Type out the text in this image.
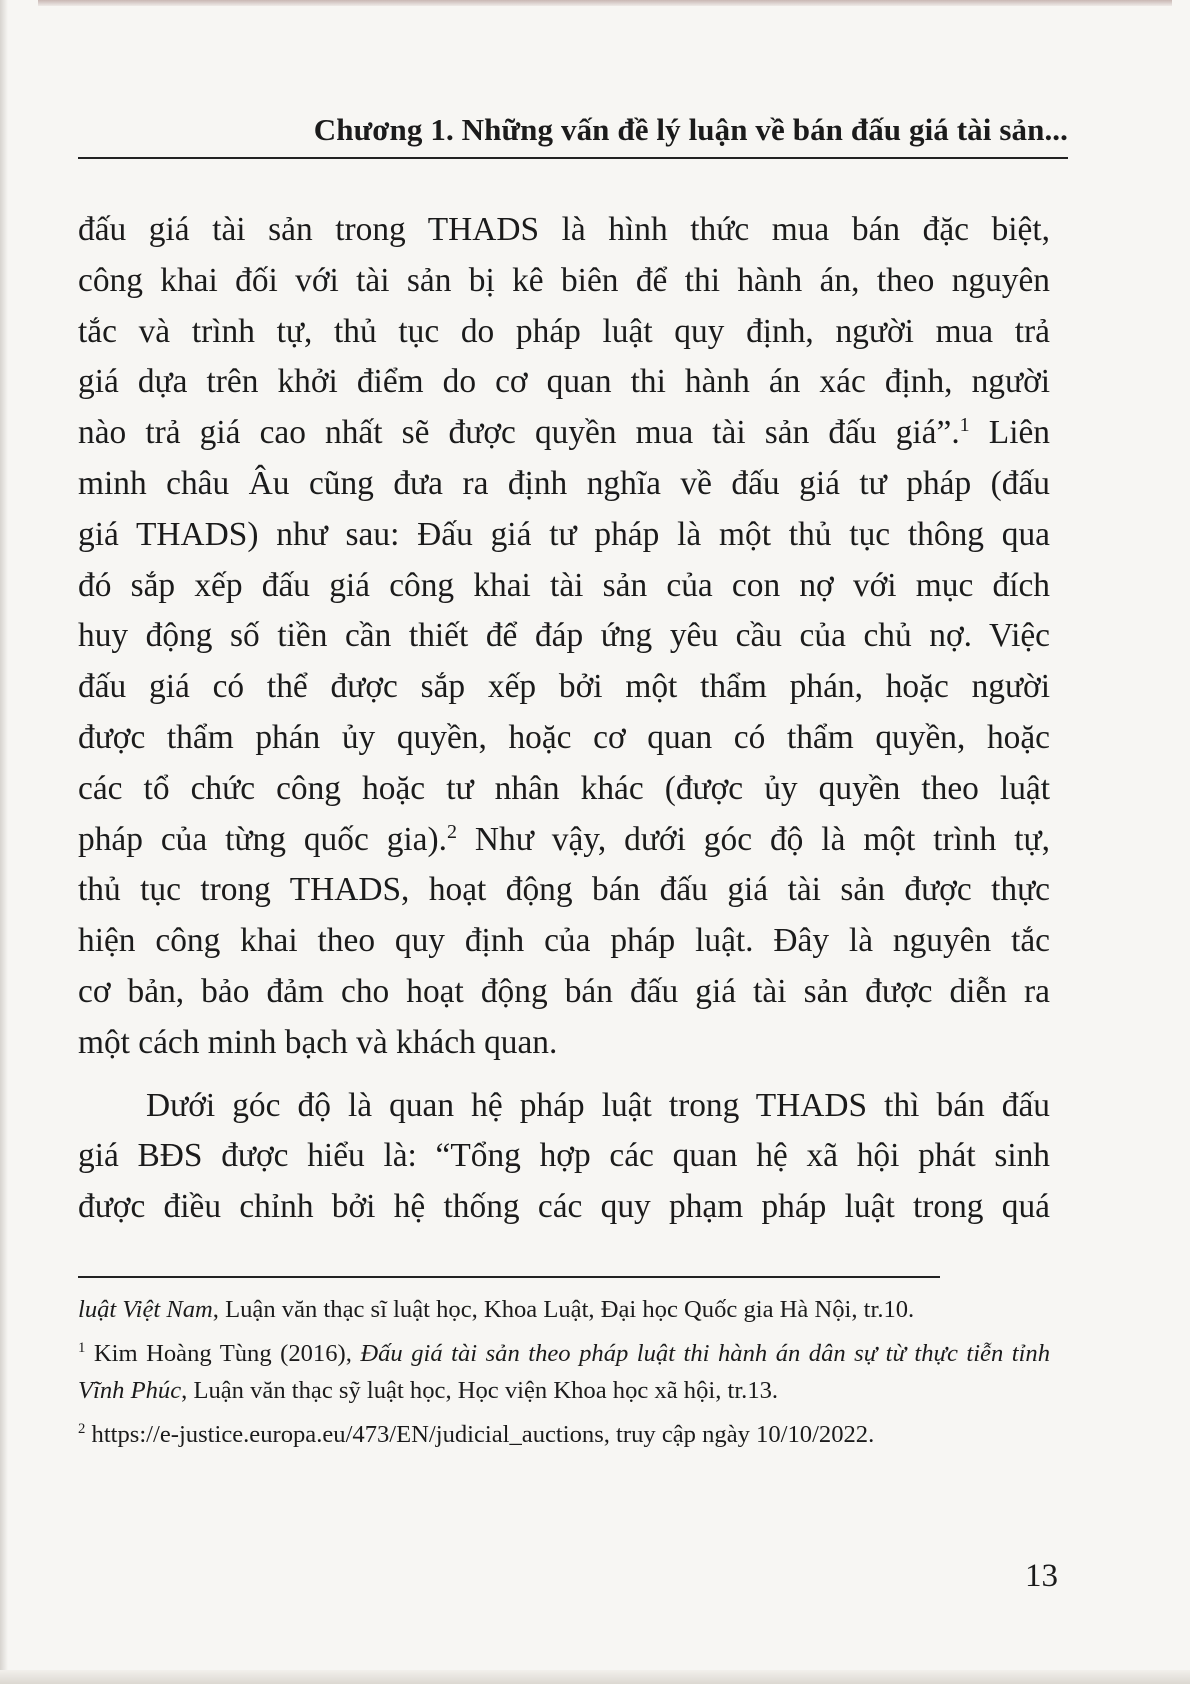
Chương 1. Những vấn đề lý luận về bán đấu giá tài sản...

đấu giá tài sản trong THADS là hình thức mua bán đặc biệt,

công khai đối với tài sản bị kê biên để thi hành án, theo nguyên

tắc và trình tự, thủ tục do pháp luật quy định, người mua trả

giá dựa trên khởi điểm do cơ quan thi hành án xác định, người

nào trả giá cao nhất sẽ được quyền mua tài sản đấu giá”.$^1$ Liên

minh châu Âu cũng đưa ra định nghĩa về đấu giá tư pháp (đấu

giá THADS) như sau: Đấu giá tư pháp là một thủ tục thông qua

đó sắp xếp đấu giá công khai tài sản của con nợ với mục đích

huy động số tiền cần thiết để đáp ứng yêu cầu của chủ nợ. Việc

đấu giá có thể được sắp xếp bởi một thẩm phán, hoặc người

được thẩm phán ủy quyền, hoặc cơ quan có thẩm quyền, hoặc

các tổ chức công hoặc tư nhân khác (được ủy quyền theo luật

pháp của từng quốc gia).$^2$ Như vậy, dưới góc độ là một trình tự,

thủ tục trong THADS, hoạt động bán đấu giá tài sản được thực

hiện công khai theo quy định của pháp luật. Đây là nguyên tắc

cơ bản, bảo đảm cho hoạt động bán đấu giá tài sản được diễn ra

một cách minh bạch và khách quan.

Dưới góc độ là quan hệ pháp luật trong THADS thì bán đấu

giá BĐS được hiểu là: “Tổng hợp các quan hệ xã hội phát sinh

được điều chỉnh bởi hệ thống các quy phạm pháp luật trong quá

luật Việt Nam, Luận văn thạc sĩ luật học, Khoa Luật, Đại học Quốc gia Hà Nội, tr.10.

$^1$ Kim Hoàng Tùng (2016), Đấu giá tài sản theo pháp luật thi hành án dân sự từ thực tiễn tỉnh Vĩnh Phúc, Luận văn thạc sỹ luật học, Học viện Khoa học xã hội, tr.13.

$^2$ https://e-justice.europa.eu/473/EN/judicial_auctions, truy cập ngày 10/10/2022.

13
